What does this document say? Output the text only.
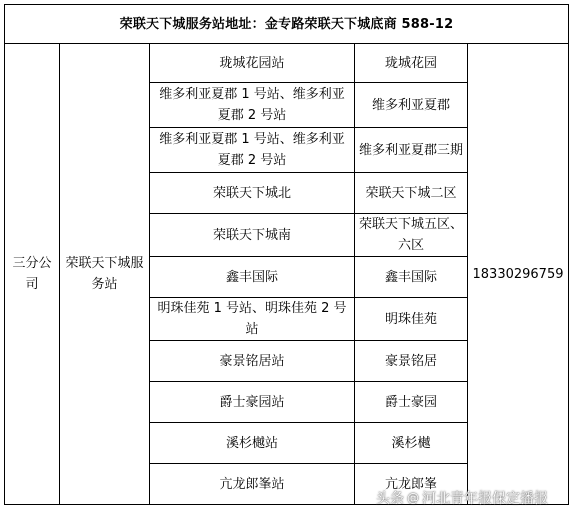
荣联天下城服务站地址：金专路荣联天下城底商 588-12				
三分公司	荣联天下城服务站	珑城花园站	珑城花园	18330296759
		维多利亚夏郡 1 号站、维多利亚夏郡 2 号站	维多利亚夏郡	
		维多利亚夏郡 1 号站、维多利亚夏郡 2 号站	维多利亚夏郡三期	
		荣联天下城北	荣联天下城二区	
		荣联天下城南	荣联天下城五区、六区	
		鑫丰国际	鑫丰国际	
		明珠佳苑 1 号站、明珠佳苑 2 号站	明珠佳苑	
		豪景铭居站	豪景铭居	
		爵士豪园站	爵士豪园	
		溪杉樾站	溪杉樾	
		亢龙郎峯站	亢龙郎峯	
头条 @ 河北青年报保定播报
